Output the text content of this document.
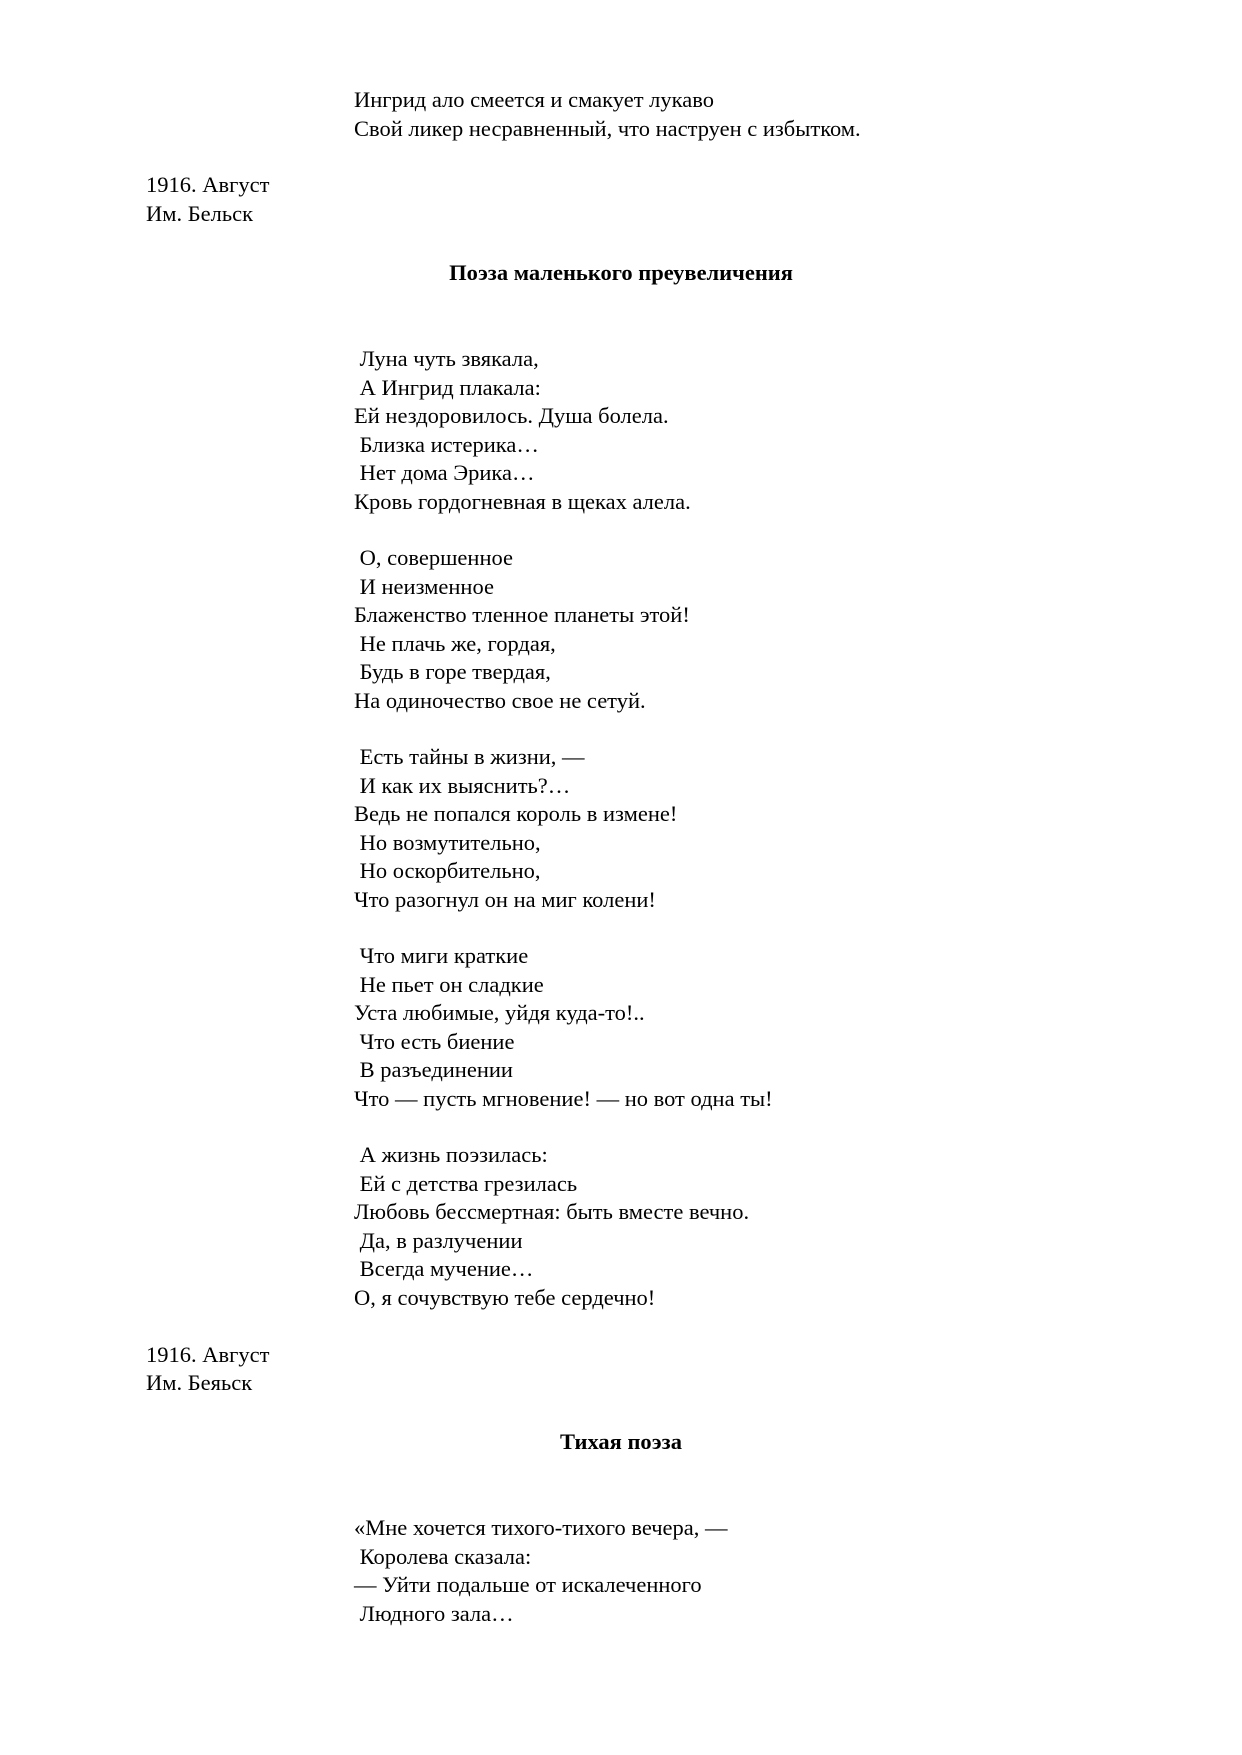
Ингрид ало смеется и смакует лукаво
Свой ликер несравненный, что наструен с избытком.
1916. Август
Им. Бельск
Поэза маленького преувеличения
Луна чуть звякала,
А Ингрид плакала:
Ей нездоровилось. Душа болела.
Близка истерика…
Нет дома Эрика…
Кровь гордогневная в щеках алела.
О, совершенное
И неизменное
Блаженство тленное планеты этой!
Не плачь же, гордая,
Будь в горе твердая,
На одиночество свое не сетуй.
Есть тайны в жизни, —
И как их выяснить?…
Ведь не попался король в измене!
Но возмутительно,
Но оскорбительно,
Что разогнул он на миг колени!
Что миги краткие
Не пьет он сладкие
Уста любимые, уйдя куда-то!..
Что есть биение
В разъединении
Что — пусть мгновение! — но вот одна ты!
А жизнь поэзилась:
Ей с детства грезилась
Любовь бессмертная: быть вместе вечно.
Да, в разлучении
Всегда мучение…
О, я сочувствую тебе сердечно!
1916. Август
Им. Беяьск
Тихая поэза
«Мне хочется тихого-тихого вечера, —
Королева сказала:
— Уйти подальше от искалеченного
Людного зала…
